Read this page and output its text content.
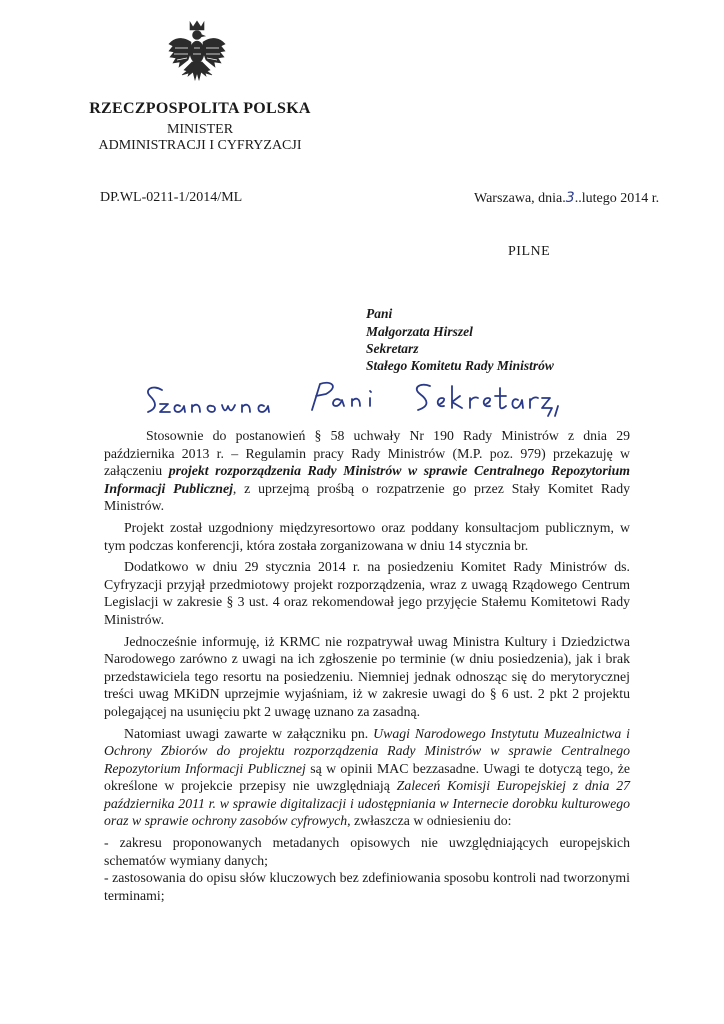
RZECZPOSPOLITA POLSKA
MINISTER
ADMINISTRACJI I CYFRYZACJI
DP.WL-0211-1/2014/ML	Warszawa, dnia.3..lutego 2014 r.
PILNE
Pani
Małgorzata Hirszel
Sekretarz
Stałego Komitetu Rady Ministrów

Stosownie do postanowień § 58 uchwały Nr 190 Rady Ministrów z dnia 29 października 2013 r. – Regulamin pracy Rady Ministrów (M.P. poz. 979) przekazuję w załączeniu projekt rozporządzenia Rady Ministrów w sprawie Centralnego Repozytorium Informacji Publicznej, z uprzejmą prośbą o rozpatrzenie go przez Stały Komitet Rady Ministrów.

Projekt został uzgodniony międzyresortowo oraz poddany konsultacjom publicznym, w tym podczas konferencji, która została zorganizowana w dniu 14 stycznia br.

Dodatkowo w dniu 29 stycznia 2014 r. na posiedzeniu Komitet Rady Ministrów ds. Cyfryzacji przyjął przedmiotowy projekt rozporządzenia, wraz z uwagą Rządowego Centrum Legislacji w zakresie § 3 ust. 4 oraz rekomendował jego przyjęcie Stałemu Komitetowi Rady Ministrów.

Jednocześnie informuję, iż KRMC nie rozpatrywał uwag Ministra Kultury i Dziedzictwa Narodowego zarówno z uwagi na ich zgłoszenie po terminie (w dniu posiedzenia), jak i brak przedstawiciela tego resortu na posiedzeniu. Niemniej jednak odnosząc się do merytorycznej treści uwag MKiDN uprzejmie wyjaśniam, iż w zakresie uwagi do § 6 ust. 2 pkt 2 projektu polegającej na usunięciu pkt 2 uwagę uznano za zasadną.

Natomiast uwagi zawarte w załączniku pn. Uwagi Narodowego Instytutu Muzealnictwa i Ochrony Zbiorów do projektu rozporządzenia Rady Ministrów w sprawie Centralnego Repozytorium Informacji Publicznej są w opinii MAC bezzasadne. Uwagi te dotyczą tego, że określone w projekcie przepisy nie uwzględniają Zaleceń Komisji Europejskiej z dnia 27 października 2011 r. w sprawie digitalizacji i udostępniania w Internecie dorobku kulturowego oraz w sprawie ochrony zasobów cyfrowych, zwłaszcza w odniesieniu do:

- zakresu proponowanych metadanych opisowych nie uwzględniających europejskich schematów wymiany danych;

- zastosowania do opisu słów kluczowych bez zdefiniowania sposobu kontroli nad tworzonymi terminami;
